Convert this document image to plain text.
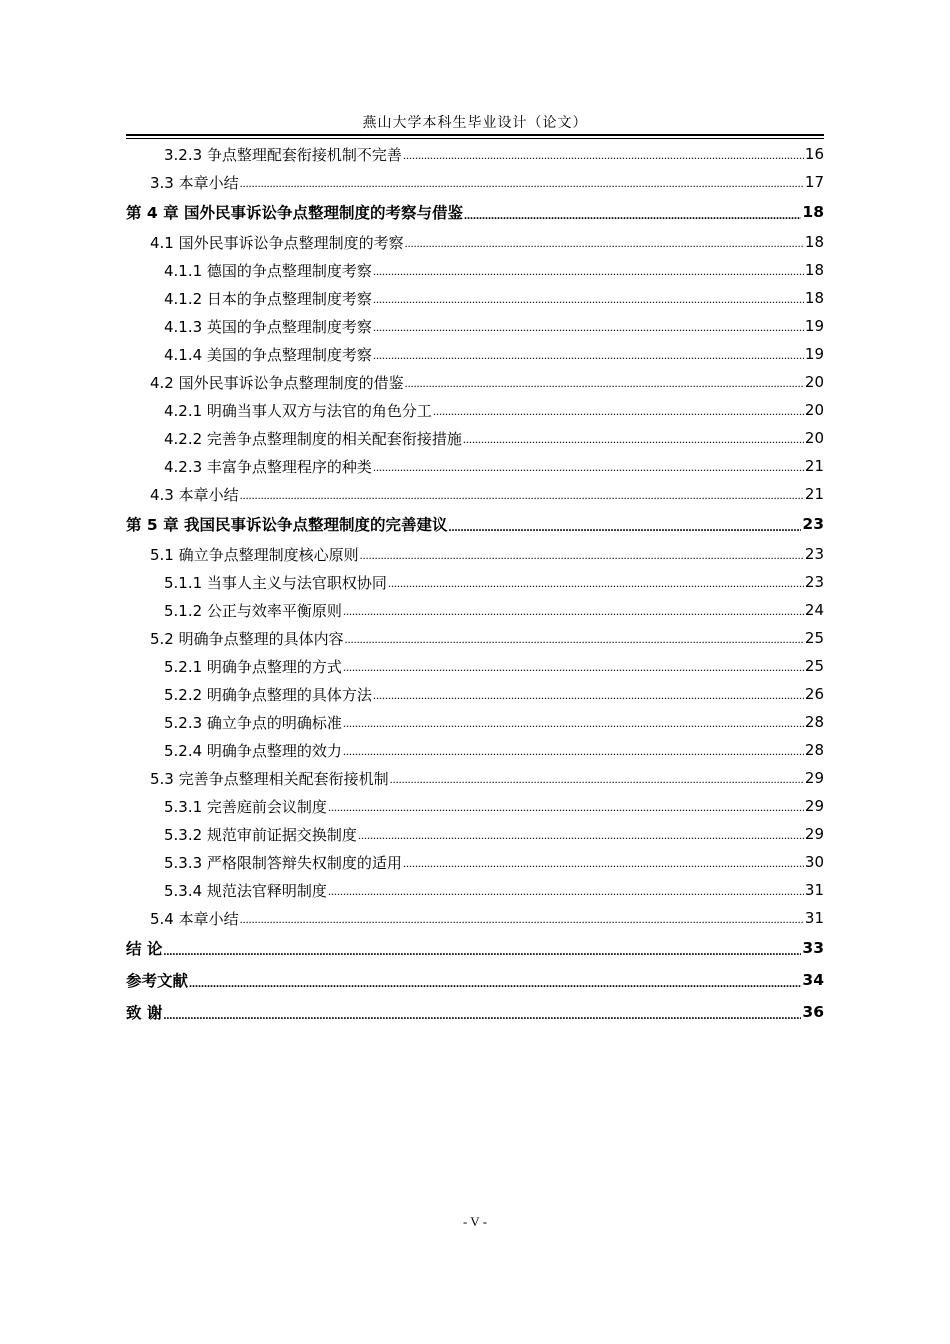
燕山大学本科生毕业设计（论文）
3.2.3 争点整理配套衔接机制不完善 .....	16
3.3 本章小结 .....	17
第 4 章 国外民事诉讼争点整理制度的考察与借鉴 .....	18
4.1 国外民事诉讼争点整理制度的考察 .....	18
4.1.1 德国的争点整理制度考察 .....	18
4.1.2 日本的争点整理制度考察 .....	18
4.1.3 英国的争点整理制度考察 .....	19
4.1.4 美国的争点整理制度考察 .....	19
4.2 国外民事诉讼争点整理制度的借鉴 .....	20
4.2.1 明确当事人双方与法官的角色分工 .....	20
4.2.2 完善争点整理制度的相关配套衔接措施 .....	20
4.2.3 丰富争点整理程序的种类 .....	21
4.3 本章小结 .....	21
第 5 章 我国民事诉讼争点整理制度的完善建议 .....	23
5.1 确立争点整理制度核心原则 .....	23
5.1.1 当事人主义与法官职权协同 .....	23
5.1.2 公正与效率平衡原则 .....	24
5.2 明确争点整理的具体内容 .....	25
5.2.1 明确争点整理的方式 .....	25
5.2.2 明确争点整理的具体方法 .....	26
5.2.3 确立争点的明确标准 .....	28
5.2.4 明确争点整理的效力 .....	28
5.3 完善争点整理相关配套衔接机制 .....	29
5.3.1 完善庭前会议制度 .....	29
5.3.2 规范审前证据交换制度 .....	29
5.3.3 严格限制答辩失权制度的适用 .....	30
5.3.4 规范法官释明制度 .....	31
5.4 本章小结 .....	31
结 论 .....	33
参考文献 .....	34
致 谢 .....	36
- V -
